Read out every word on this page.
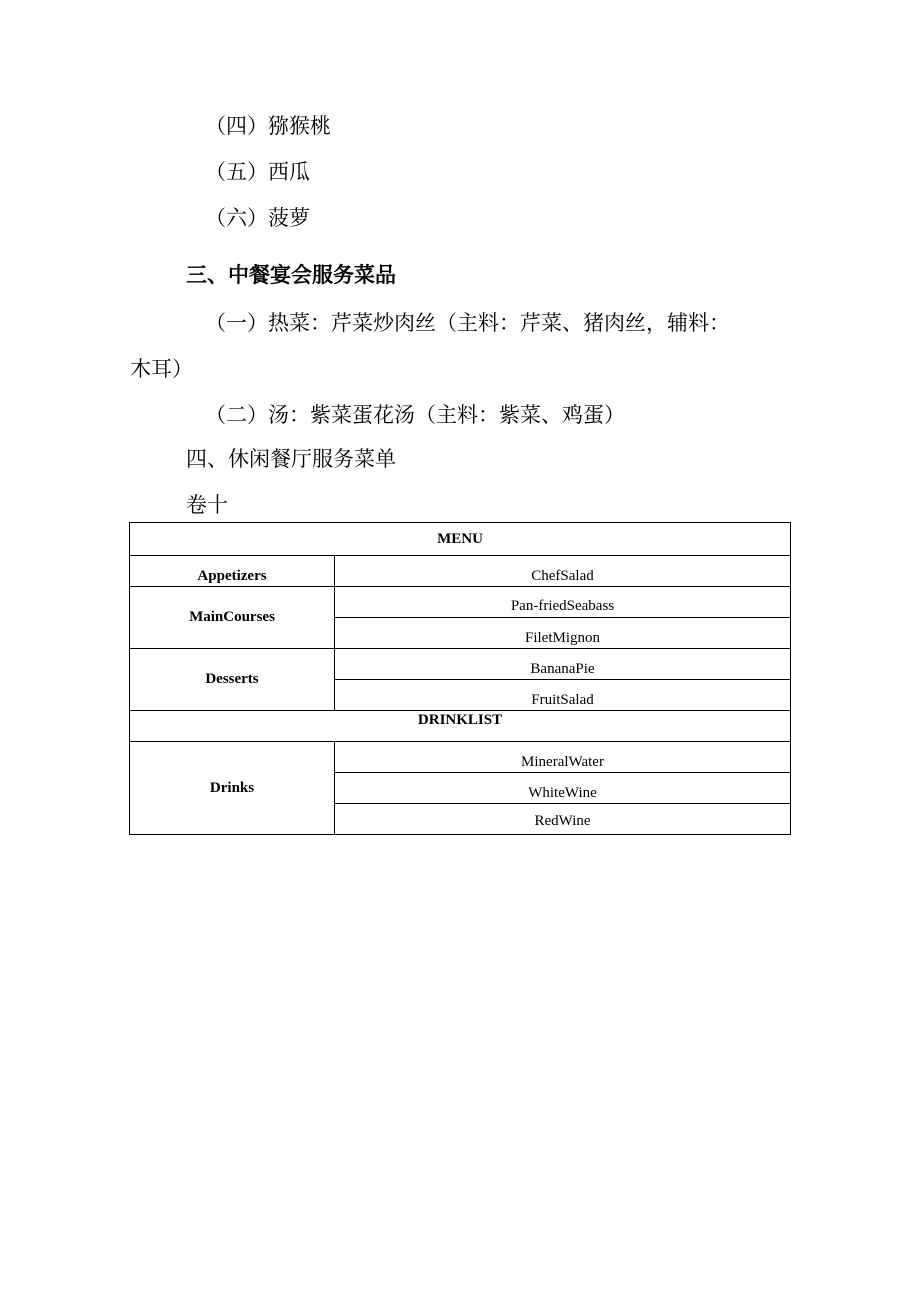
（四）猕猴桃
（五）西瓜
（六）菠萝
三、中餐宴会服务菜品
（一）热菜：芹菜炒肉丝（主料：芹菜、猪肉丝，辅料：
木耳）
（二）汤：紫菜蛋花汤（主料：紫菜、鸡蛋）
四、休闲餐厅服务菜单
卷十
MENU	

Appetizers	ChefSalad

MainCourses	Pan-friedSeabass

	FiletMignon

Desserts	BananaPie

	FruitSalad

DRINKLIST	

Drinks	MineralWater

	WhiteWine

	RedWine
